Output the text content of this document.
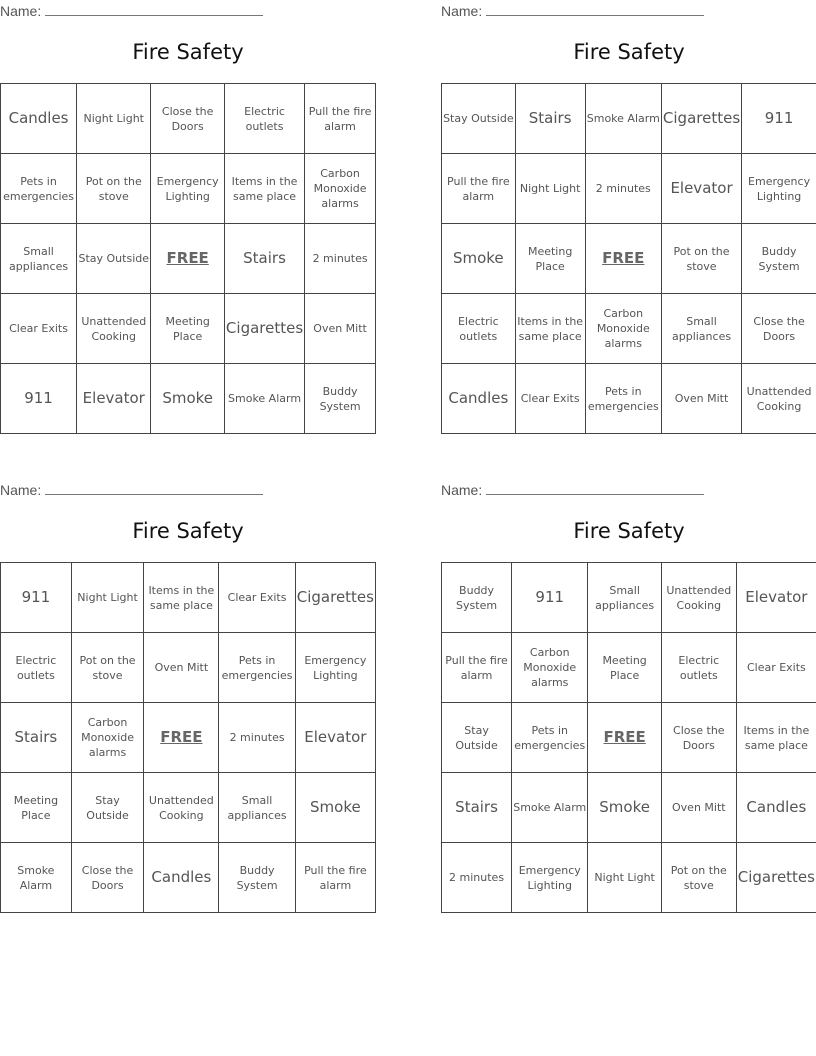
Name:
Fire Safety
Candles	Night Light	Close the Doors	Electric outlets	Pull the fire alarm
Pets in emergencies	Pot on the stove	Emergency Lighting	Items in the same place	Carbon Monoxide alarms
Small appliances	Stay Outside	FREE	Stairs	2 minutes
Clear Exits	Unattended Cooking	Meeting Place	Cigarettes	Oven Mitt
911	Elevator	Smoke	Smoke Alarm	Buddy System
Name:
Fire Safety
Stay Outside	Stairs	Smoke Alarm	Cigarettes	911
Pull the fire alarm	Night Light	2 minutes	Elevator	Emergency Lighting
Smoke	Meeting Place	FREE	Pot on the stove	Buddy System
Electric outlets	Items in the same place	Carbon Monoxide alarms	Small appliances	Close the Doors
Candles	Clear Exits	Pets in emergencies	Oven Mitt	Unattended Cooking
Name:
Fire Safety
911	Night Light	Items in the same place	Clear Exits	Cigarettes
Electric outlets	Pot on the stove	Oven Mitt	Pets in emergencies	Emergency Lighting
Stairs	Carbon Monoxide alarms	FREE	2 minutes	Elevator
Meeting Place	Stay Outside	Unattended Cooking	Small appliances	Smoke
Smoke Alarm	Close the Doors	Candles	Buddy System	Pull the fire alarm
Name:
Fire Safety
Buddy System	911	Small appliances	Unattended Cooking	Elevator
Pull the fire alarm	Carbon Monoxide alarms	Meeting Place	Electric outlets	Clear Exits
Stay Outside	Pets in emergencies	FREE	Close the Doors	Items in the same place
Stairs	Smoke Alarm	Smoke	Oven Mitt	Candles
2 minutes	Emergency Lighting	Night Light	Pot on the stove	Cigarettes
